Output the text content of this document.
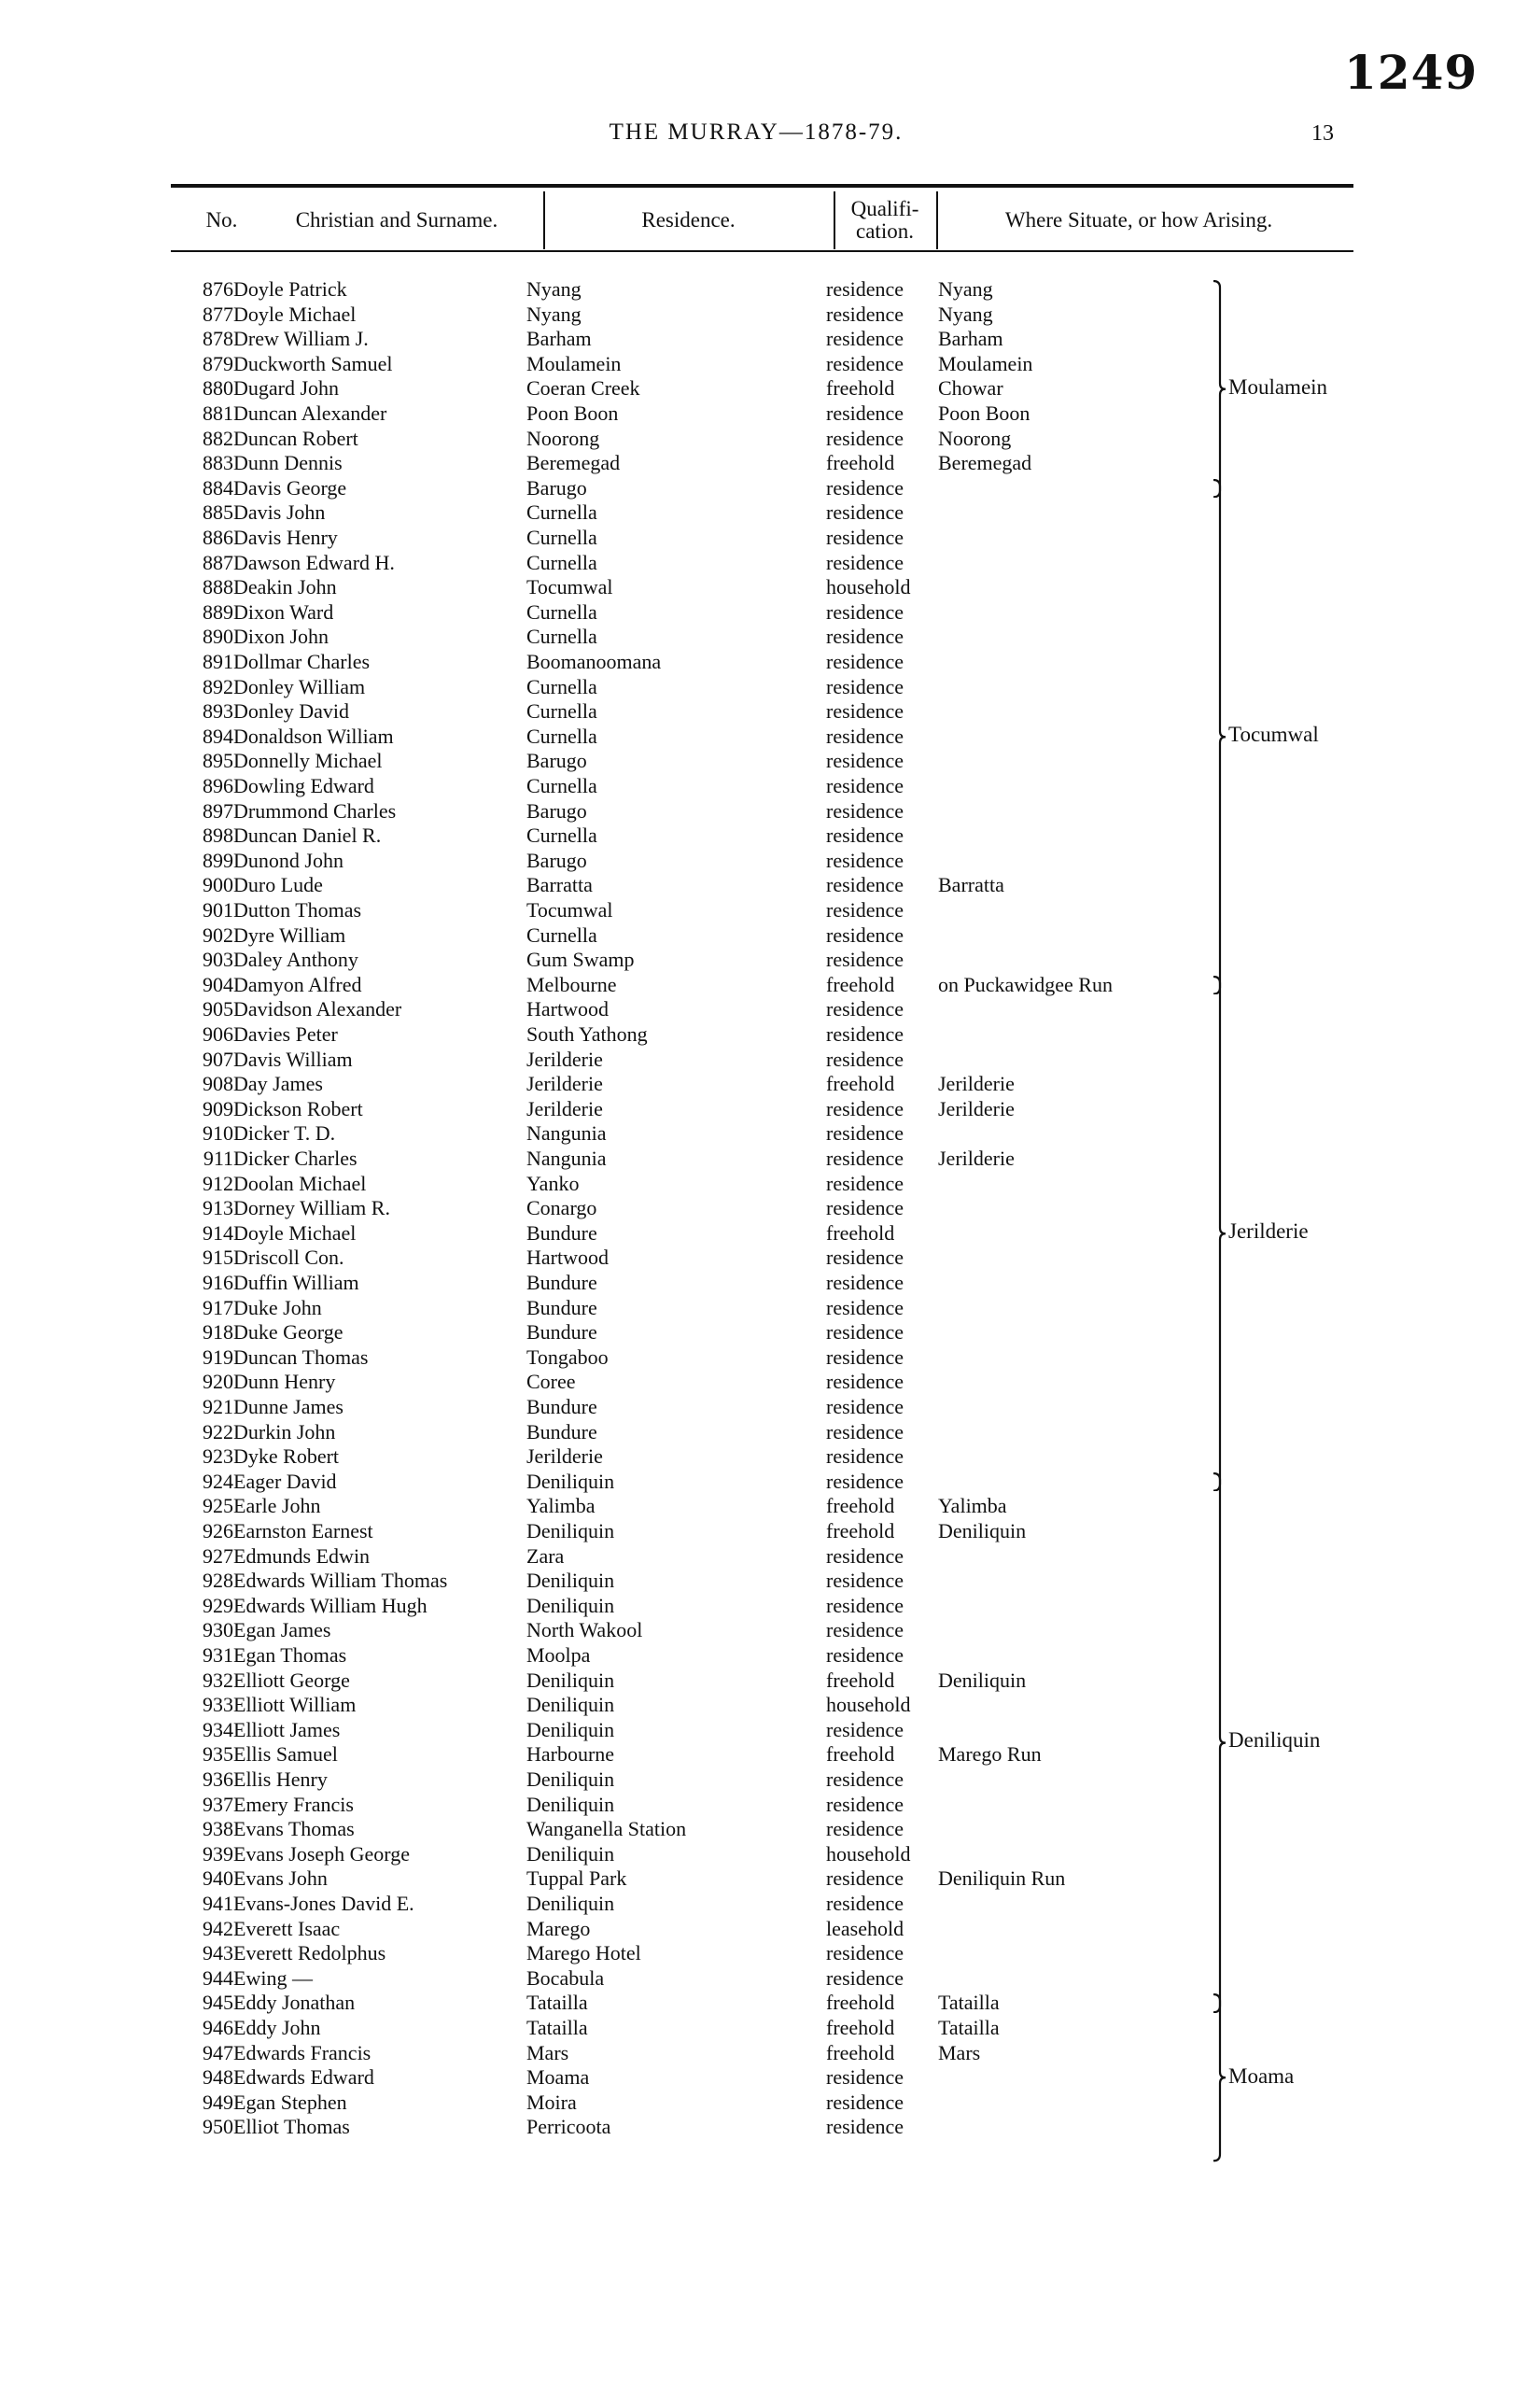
1249
THE MURRAY—1878-79.	13
No.	Christian and Surname.	Residence.	Qualifi-
cation.	Where Situate, or how Arising.
876 Doyle Patrick	Nyang	residence Nyang
877 Doyle Michael	Nyang	residence Nyang
878 Drew William J.	Barham	residence Barham
879 Duckworth Samuel	Moulamein	residence Moulamein
880 Dugard John	Coeran Creek	freehold Chowar
881 Duncan Alexander	Poon Boon	residence Poon Boon
882 Duncan Robert	Noorong	residence Noorong
883 Dunn Dennis	Beremegad	freehold Beremegad
884 Davis George	Barugo	residence
885 Davis John	Curnella	residence
886 Davis Henry	Curnella	residence
887 Dawson Edward H.	Curnella	residence
888 Deakin John	Tocumwal	household
889 Dixon Ward	Curnella	residence
890 Dixon John	Curnella	residence
891 Dollmar Charles	Boomanoomana	residence
892 Donley William	Curnella	residence
893 Donley David	Curnella	residence
894 Donaldson William	Curnella	residence
895 Donnelly Michael	Barugo	residence
896 Dowling Edward	Curnella	residence
897 Drummond Charles	Barugo	residence
898 Duncan Daniel R.	Curnella	residence
899 Dunond John	Barugo	residence
900 Duro Lude	Barratta	residence Barratta
901 Dutton Thomas	Tocumwal	residence
902 Dyre William	Curnella	residence
903 Daley Anthony	Gum Swamp	residence
904 Damyon Alfred	Melbourne	freehold on Puckawidgee Run
905 Davidson Alexander	Hartwood	residence
906 Davies Peter	South Yathong	residence
907 Davis William	Jerilderie	residence
908 Day James	Jerilderie	freehold Jerilderie
909 Dickson Robert	Jerilderie	residence Jerilderie
910 Dicker T. D.	Nangunia	residence
911 Dicker Charles	Nangunia	residence Jerilderie
912 Doolan Michael	Yanko	residence
913 Dorney William R.	Conargo	residence
914 Doyle Michael	Bundure	freehold
915 Driscoll Con.	Hartwood	residence
916 Duffin William	Bundure	residence
917 Duke John	Bundure	residence
918 Duke George	Bundure	residence
919 Duncan Thomas	Tongaboo	residence
920 Dunn Henry	Coree	residence
921 Dunne James	Bundure	residence
922 Durkin John	Bundure	residence
923 Dyke Robert	Jerilderie	residence
924 Eager David	Deniliquin	residence
925 Earle John	Yalimba	freehold Yalimba
926 Earnston Earnest	Deniliquin	freehold Deniliquin
927 Edmunds Edwin	Zara	residence
928 Edwards William Thomas	Deniliquin	residence
929 Edwards William Hugh	Deniliquin	residence
930 Egan James	North Wakool	residence
931 Egan Thomas	Moolpa	residence
932 Elliott George	Deniliquin	freehold Deniliquin
933 Elliott William	Deniliquin	household
934 Elliott James	Deniliquin	residence
935 Ellis Samuel	Harbourne	freehold Marego Run
936 Ellis Henry	Deniliquin	residence
937 Emery Francis	Deniliquin	residence
938 Evans Thomas	Wanganella Station	residence
939 Evans Joseph George	Deniliquin	household
940 Evans John	Tuppal Park	residence Deniliquin Run
941 Evans-Jones David E.	Deniliquin	residence
942 Everett Isaac	Marego	leasehold
943 Everett Redolphus	Marego Hotel	residence
944 Ewing —	Bocabula	residence
945 Eddy Jonathan	Tataillа	freehold Tatailla
946 Eddy John	Tatailla	freehold Tatailla
947 Edwards Francis	Mars	freehold Mars
948 Edwards Edward	Moama	residence
949 Egan Stephen	Moira	residence
950 Elliot Thomas	Perricoota	residence
Moulamein
Tocumwal
Jerilderie
Deniliquin
Moama
